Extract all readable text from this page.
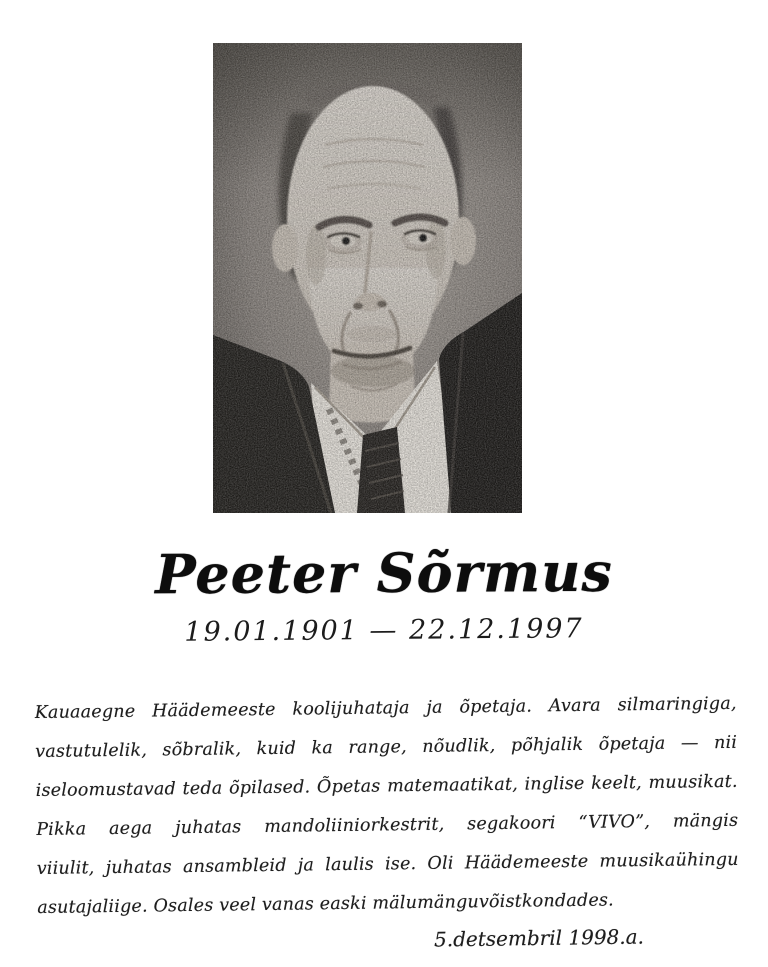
Peeter Sõrmus

19.01.1901 — 22.12.1997

Kauaaegne Häädemeeste koolijuhataja ja õpetaja. Avara silmaringiga,

vastutulelik, sõbralik, kuid ka range, nõudlik, põhjalik õpetaja — nii

iseloomustavad teda õpilased. Õpetas matemaatikat, inglise keelt, muusikat.

Pikka aega juhatas mandoliiniorkestrit, segakoori “VIVO”, mängis

viiulit, juhatas ansambleid ja laulis ise. Oli Häädemeeste muusikaühingu

asutajaliige. Osales veel vanas easki mälumänguvõistkondades.

5.detsembril 1998.a.
